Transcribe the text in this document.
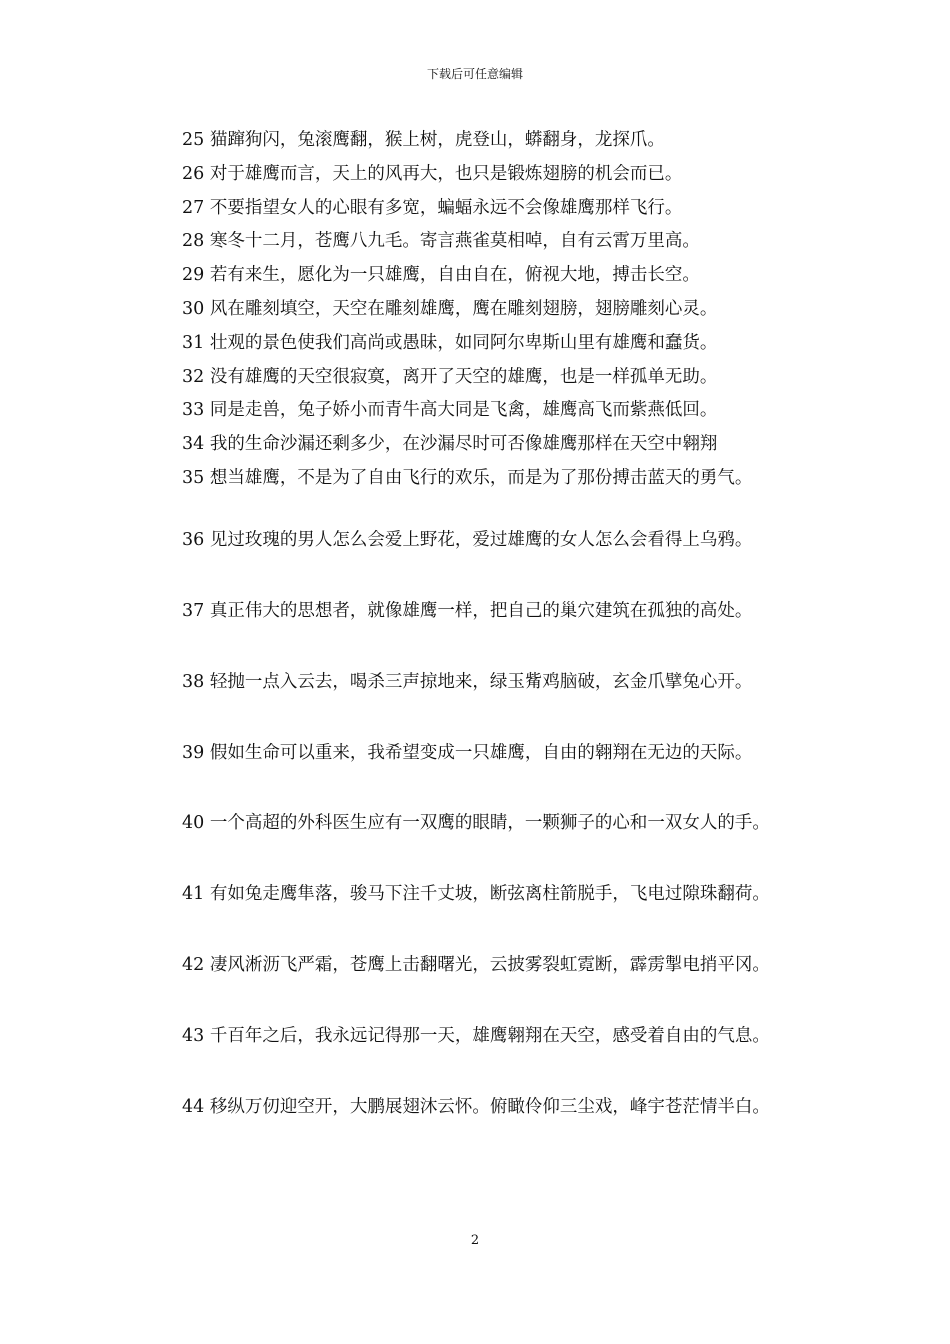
下载后可任意编辑
25 猫蹿狗闪，兔滚鹰翻，猴上树，虎登山，蟒翻身，龙探爪。
26 对于雄鹰而言，天上的风再大，也只是锻炼翅膀的机会而已。
27 不要指望女人的心眼有多宽，蝙蝠永远不会像雄鹰那样飞行。
28 寒冬十二月，苍鹰八九毛。寄言燕雀莫相啅，自有云霄万里高。
29 若有来生，愿化为一只雄鹰，自由自在，俯视大地，搏击长空。
30 风在雕刻填空，天空在雕刻雄鹰，鹰在雕刻翅膀，翅膀雕刻心灵。
31 壮观的景色使我们高尚或愚昧，如同阿尔卑斯山里有雄鹰和蠢货。
32 没有雄鹰的天空很寂寞，离开了天空的雄鹰，也是一样孤单无助。
33 同是走兽，兔子娇小而青牛高大同是飞禽，雄鹰高飞而紫燕低回。
34 我的生命沙漏还剩多少，在沙漏尽时可否像雄鹰那样在天空中翱翔
35 想当雄鹰，不是为了自由飞行的欢乐，而是为了那份搏击蓝天的勇气。
36 见过玫瑰的男人怎么会爱上野花，爱过雄鹰的女人怎么会看得上乌鸦。
37 真正伟大的思想者，就像雄鹰一样，把自己的巢穴建筑在孤独的高处。
38 轻抛一点入云去，喝杀三声掠地来，绿玉觜鸡脑破，玄金爪擘兔心开。
39 假如生命可以重来，我希望变成一只雄鹰，自由的翱翔在无边的天际。
40 一个高超的外科医生应有一双鹰的眼睛，一颗狮子的心和一双女人的手。
41 有如兔走鹰隼落，骏马下注千丈坡，断弦离柱箭脱手，飞电过隙珠翻荷。
42 凄风淅沥飞严霜，苍鹰上击翻曙光，云披雾裂虹霓断，霹雳掣电捎平冈。
43 千百年之后，我永远记得那一天，雄鹰翱翔在天空，感受着自由的气息。
44 移纵万仞迎空开，大鹏展翅沐云怀。俯瞰伶仰三尘戏，峰宇苍茫情半白。
2
